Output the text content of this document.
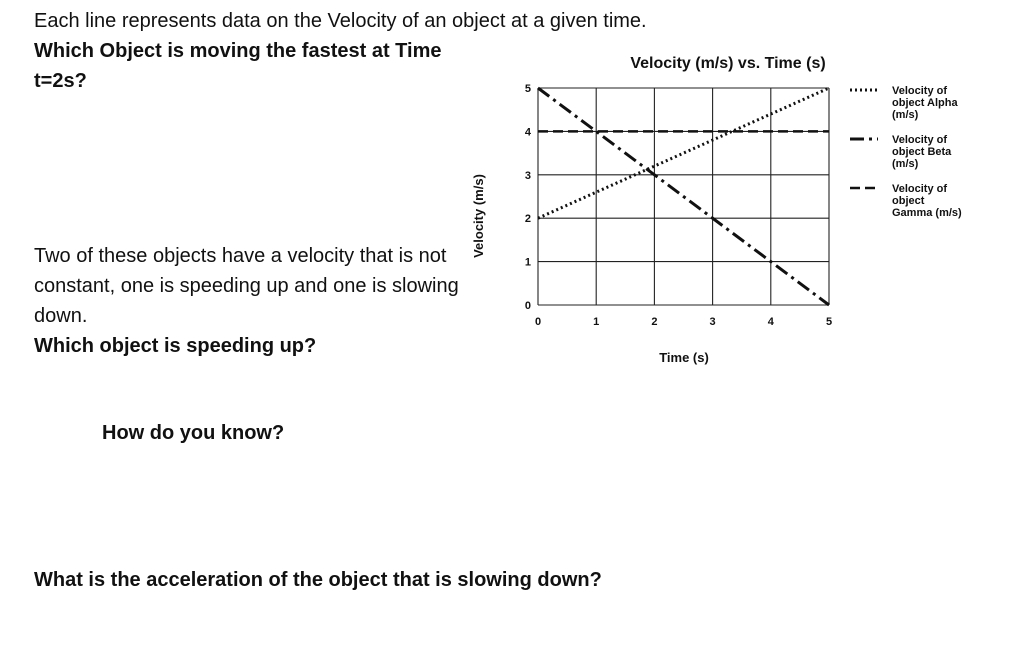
Each line represents data on the Velocity of an object at a given time.

Which Object is moving the fastest at Time t=2s?

Two of these objects have a velocity that is not constant, one is speeding up and one is slowing down.

Which object is speeding up?

How do you know?

What is the acceleration of the object that is slowing down?

Velocity (m/s) vs. Time (s)
Velocity (m/s)
Time (s)
0	1	2	3	4	5
0
1
2
3
4
5	Velocity of
object Alpha
(m/s)
Velocity of
object Beta
(m/s)
Velocity of
object
Gamma (m/s)
